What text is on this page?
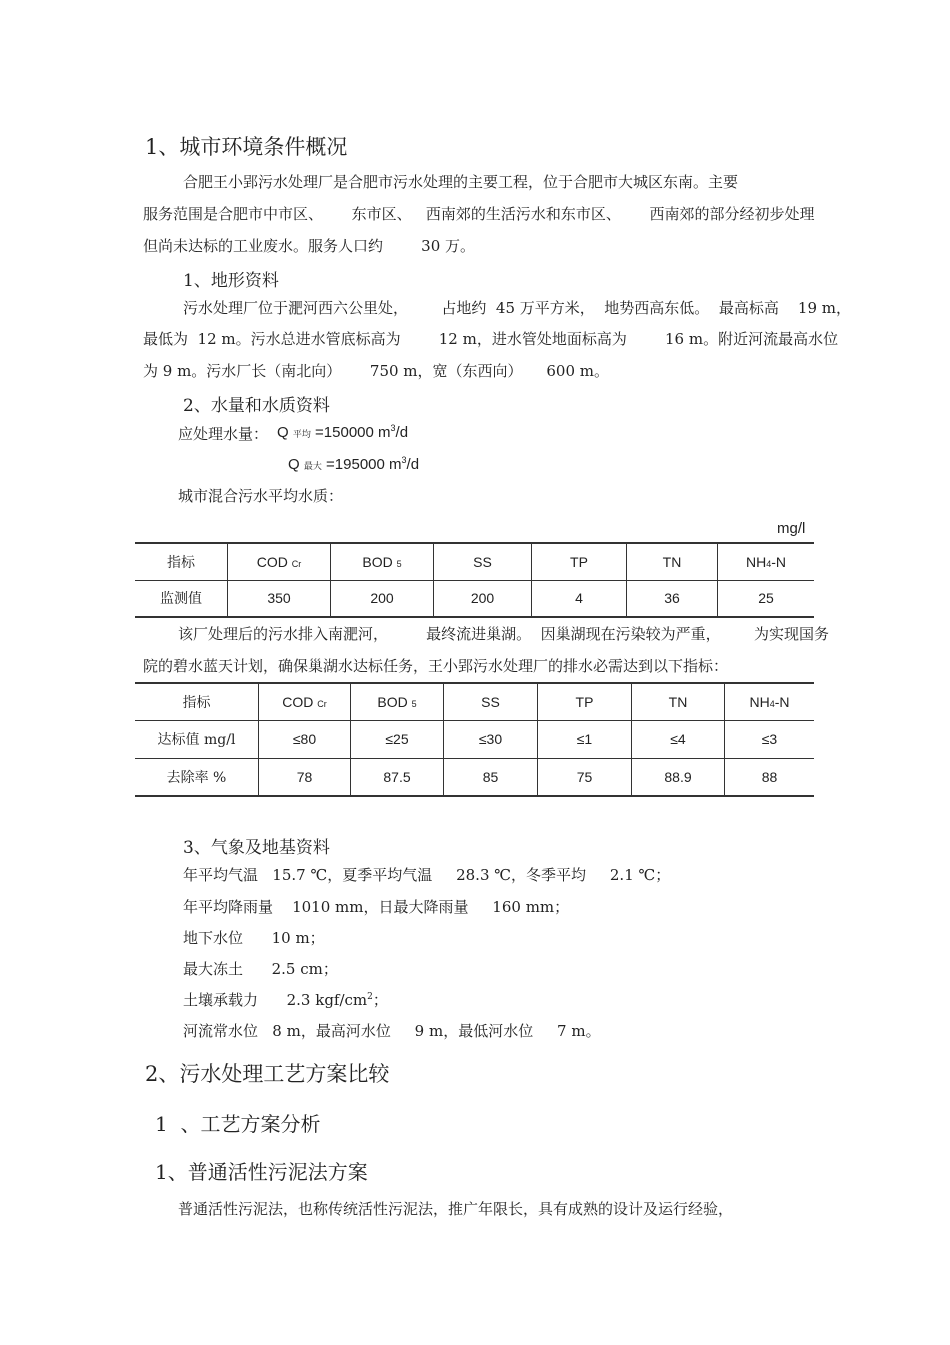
1、城市环境条件概况
合肥王小郢污水处理厂是合肥市污水处理的主要工程，位于合肥市大城区东南。主要
服务范围是合肥市中市区、      东市区、   西南郊的生活污水和东市区、      西南郊的部分经初步处理
但尚未达标的工业废水。服务人口约        30 万。
1、地形资料
污水处理厂位于淝河西六公里处，       占地约  45 万平方米，  地势西高东低。  最高标高    19 m，
最低为  12 m。污水总进水管底标高为        12 m，进水管处地面标高为        16 m。附近河流最高水位
为 9 m。污水厂长（南北向）      750 m，宽（东西向）     600 m。
2、水量和水质资料
应处理水量： Q 平均 =150000 $m^3/d$
Q 最大 =195000 $m^3/d$
城市混合污水平均水质：
mg/l
指标	COD Cr	BOD 5	SS	TP	TN	NH4-N
监测值	350	200	200	4	36	25
该厂处理后的污水排入南淝河，        最终流进巢湖。  因巢湖现在污染较为严重，       为实现国务
院的碧水蓝天计划，确保巢湖水达标任务，王小郢污水处理厂的排水必需达到以下指标：
指标	COD Cr	BOD 5	SS	TP	TN	NH4-N
达标值 mg/l	≤80	≤25	≤30	≤1	≤4	≤3
去除率 %	78	87.5	85	75	88.9	88
3、气象及地基资料
年平均气温   15.7 ℃，夏季平均气温     28.3 ℃，冬季平均     2.1 ℃；
年平均降雨量    1010 mm，日最大降雨量     160 mm；
地下水位      10 m；
最大冻土      2.5 cm；
土壤承载力      2.3 kgf/$cm^2$；
河流常水位   8 m，最高河水位     9 m，最低河水位     7 m。
2、污水处理工艺方案比较
1  、工艺方案分析
1、普通活性污泥法方案
普通活性污泥法，也称传统活性污泥法，推广年限长，具有成熟的设计及运行经验，
